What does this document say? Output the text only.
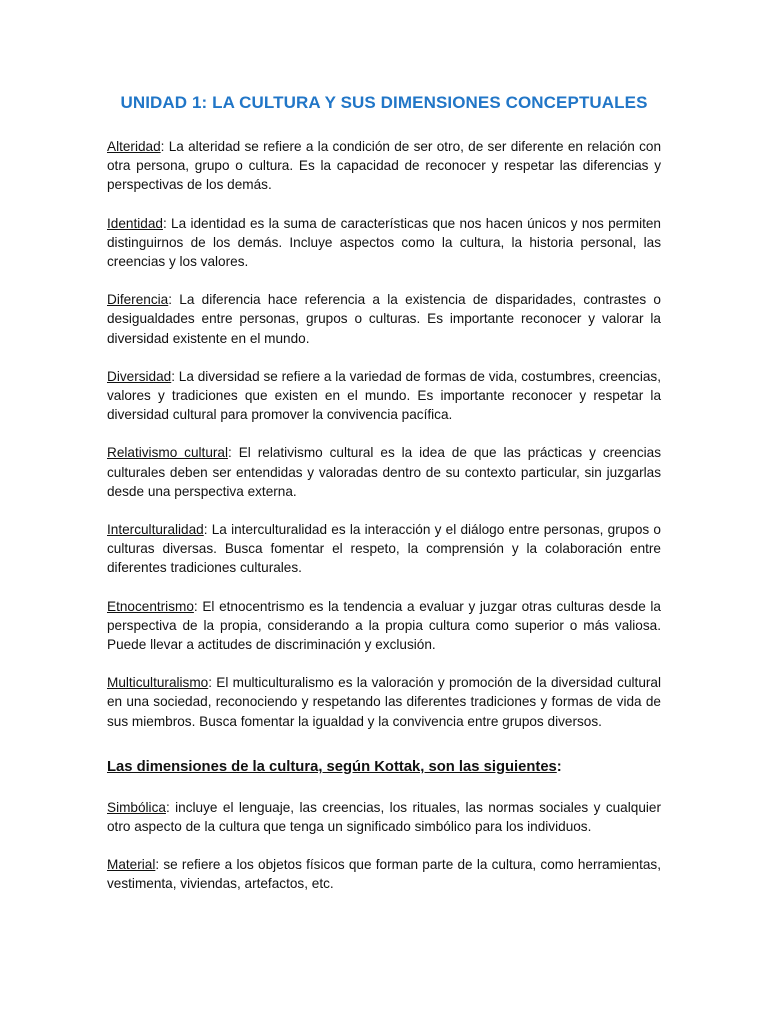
UNIDAD 1: LA CULTURA Y SUS DIMENSIONES CONCEPTUALES

Alteridad: La alteridad se refiere a la condición de ser otro, de ser diferente en relación con otra persona, grupo o cultura. Es la capacidad de reconocer y respetar las diferencias y perspectivas de los demás.

Identidad: La identidad es la suma de características que nos hacen únicos y nos permiten distinguirnos de los demás. Incluye aspectos como la cultura, la historia personal, las creencias y los valores.

Diferencia: La diferencia hace referencia a la existencia de disparidades, contrastes o desigualdades entre personas, grupos o culturas. Es importante reconocer y valorar la diversidad existente en el mundo.

Diversidad: La diversidad se refiere a la variedad de formas de vida, costumbres, creencias, valores y tradiciones que existen en el mundo. Es importante reconocer y respetar la diversidad cultural para promover la convivencia pacífica.

Relativismo cultural: El relativismo cultural es la idea de que las prácticas y creencias culturales deben ser entendidas y valoradas dentro de su contexto particular, sin juzgarlas desde una perspectiva externa.

Interculturalidad: La interculturalidad es la interacción y el diálogo entre personas, grupos o culturas diversas. Busca fomentar el respeto, la comprensión y la colaboración entre diferentes tradiciones culturales.

Etnocentrismo: El etnocentrismo es la tendencia a evaluar y juzgar otras culturas desde la perspectiva de la propia, considerando a la propia cultura como superior o más valiosa. Puede llevar a actitudes de discriminación y exclusión.

Multiculturalismo: El multiculturalismo es la valoración y promoción de la diversidad cultural en una sociedad, reconociendo y respetando las diferentes tradiciones y formas de vida de sus miembros. Busca fomentar la igualdad y la convivencia entre grupos diversos.

Las dimensiones de la cultura, según Kottak, son las siguientes:

Simbólica: incluye el lenguaje, las creencias, los rituales, las normas sociales y cualquier otro aspecto de la cultura que tenga un significado simbólico para los individuos.

Material: se refiere a los objetos físicos que forman parte de la cultura, como herramientas, vestimenta, viviendas, artefactos, etc.
